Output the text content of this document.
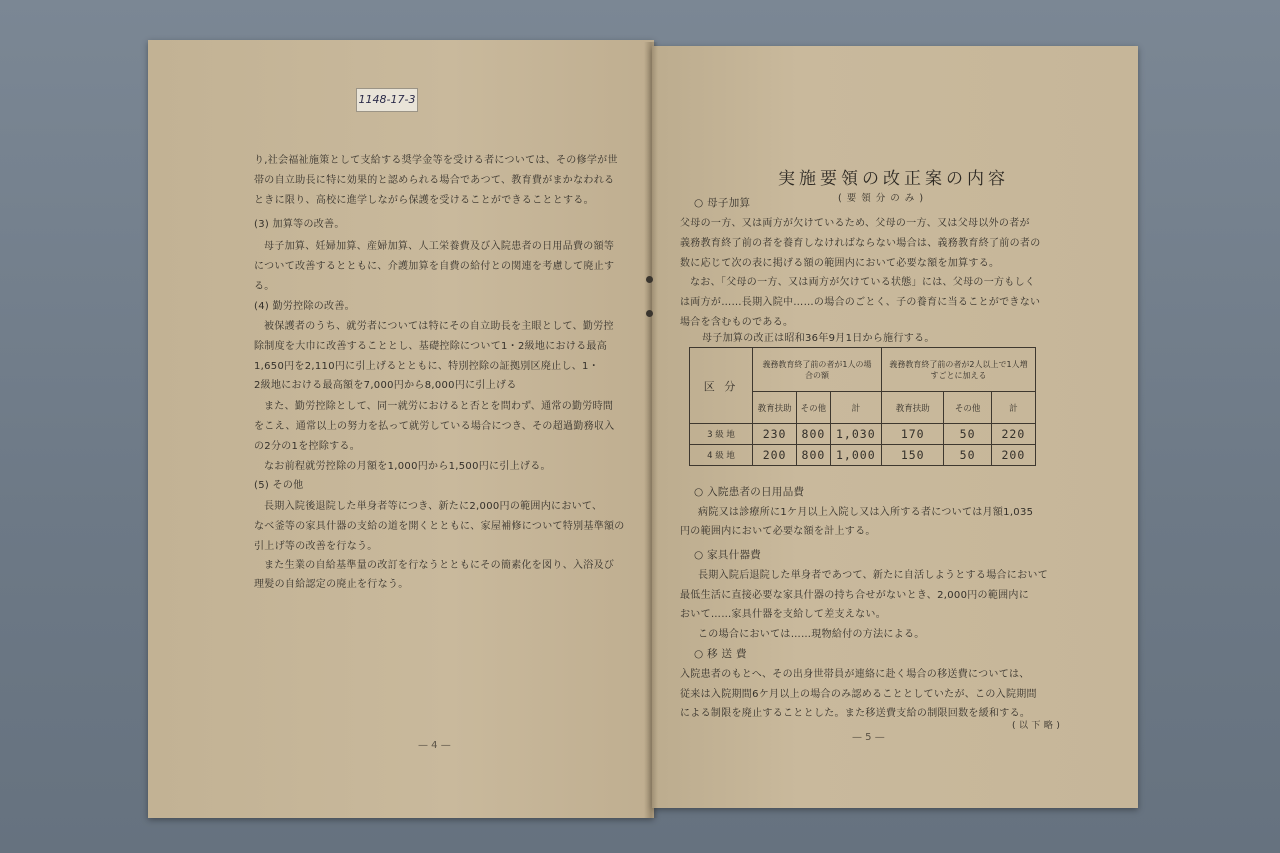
1148-17-3
り,社会福祉施策として支給する奨学金等を受ける者については、その修学が世
帯の自立助長に特に効果的と認められる場合であつて、教育費がまかなわれる
ときに限り、高校に進学しながら保護を受けることができることとする。
(3) 加算等の改善。
母子加算、妊婦加算、産婦加算、人工栄養費及び入院患者の日用品費の額等
について改善するとともに、介護加算を自費の給付との関連を考慮して廃止す
る。
(4) 勤労控除の改善。
被保護者のうち、就労者については特にその自立助長を主眼として、勤労控
除制度を大巾に改善することとし、基礎控除について1・2級地における最高
1,650円を2,110円に引上げるとともに、特別控除の証拠別区廃止し、1・
2級地における最高額を7,000円から8,000円に引上げる
また、勤労控除として、同一就労におけると否とを問わず、通常の勤労時間
をこえ、通常以上の努力を払って就労している場合につき、その超過勤務収入
の2分の1を控除する。
なお前程就労控除の月額を1,000円から1,500円に引上げる。
(5) その他
長期入院後退院した単身者等につき、新たに2,000円の範囲内において、
なべ釜等の家具什器の支給の道を開くとともに、家屋補修について特別基準額の
引上げ等の改善を行なう。
また生業の自給基準量の改訂を行なうとともにその簡素化を図り、入浴及び
理髪の自給認定の廃止を行なう。
— 4 —
実施要領の改正案の内容
( 要 領 分 の み )
○ 母子加算
父母の一方、又は両方が欠けているため、父母の一方、又は父母以外の者が
義務教育終了前の者を養育しなければならない場合は、義務教育終了前の者の
数に応じて次の表に掲げる額の範囲内において必要な額を加算する。
なお、「父母の一方、又は両方が欠けている状態」には、父母の一方もしく
は両方が……長期入院中……の場合のごとく、子の養育に当ることができない
場合を含むものである。
母子加算の改正は昭和36年9月1日から施行する。
区 分	義務教育終了前の者が1人の場合の額			義務教育終了前の者が2人以上で1人増すごとに加える		
	教育扶助	その他	計	教育扶助	その他	計
3 級 地	230	800	1,030	170	50	220
4 級 地	200	800	1,000	150	50	200
○ 入院患者の日用品費
病院又は診療所に1ケ月以上入院し又は入所する者については月額1,035
円の範囲内において必要な額を計上する。
○ 家具什器費
長期入院后退院した単身者であつて、新たに自活しようとする場合において
最低生活に直接必要な家具什器の持ち合せがないとき、2,000円の範囲内に
おいて……家具什器を支給して差支えない。
この場合においては……現物給付の方法による。
○ 移 送 費
入院患者のもとへ、その出身世帯員が連絡に赴く場合の移送費については、
従来は入院期間6ケ月以上の場合のみ認めることとしていたが、この入院期間
による制限を廃止することとした。また移送費支給の制限回数を緩和する。
( 以 下 略 )
— 5 —
